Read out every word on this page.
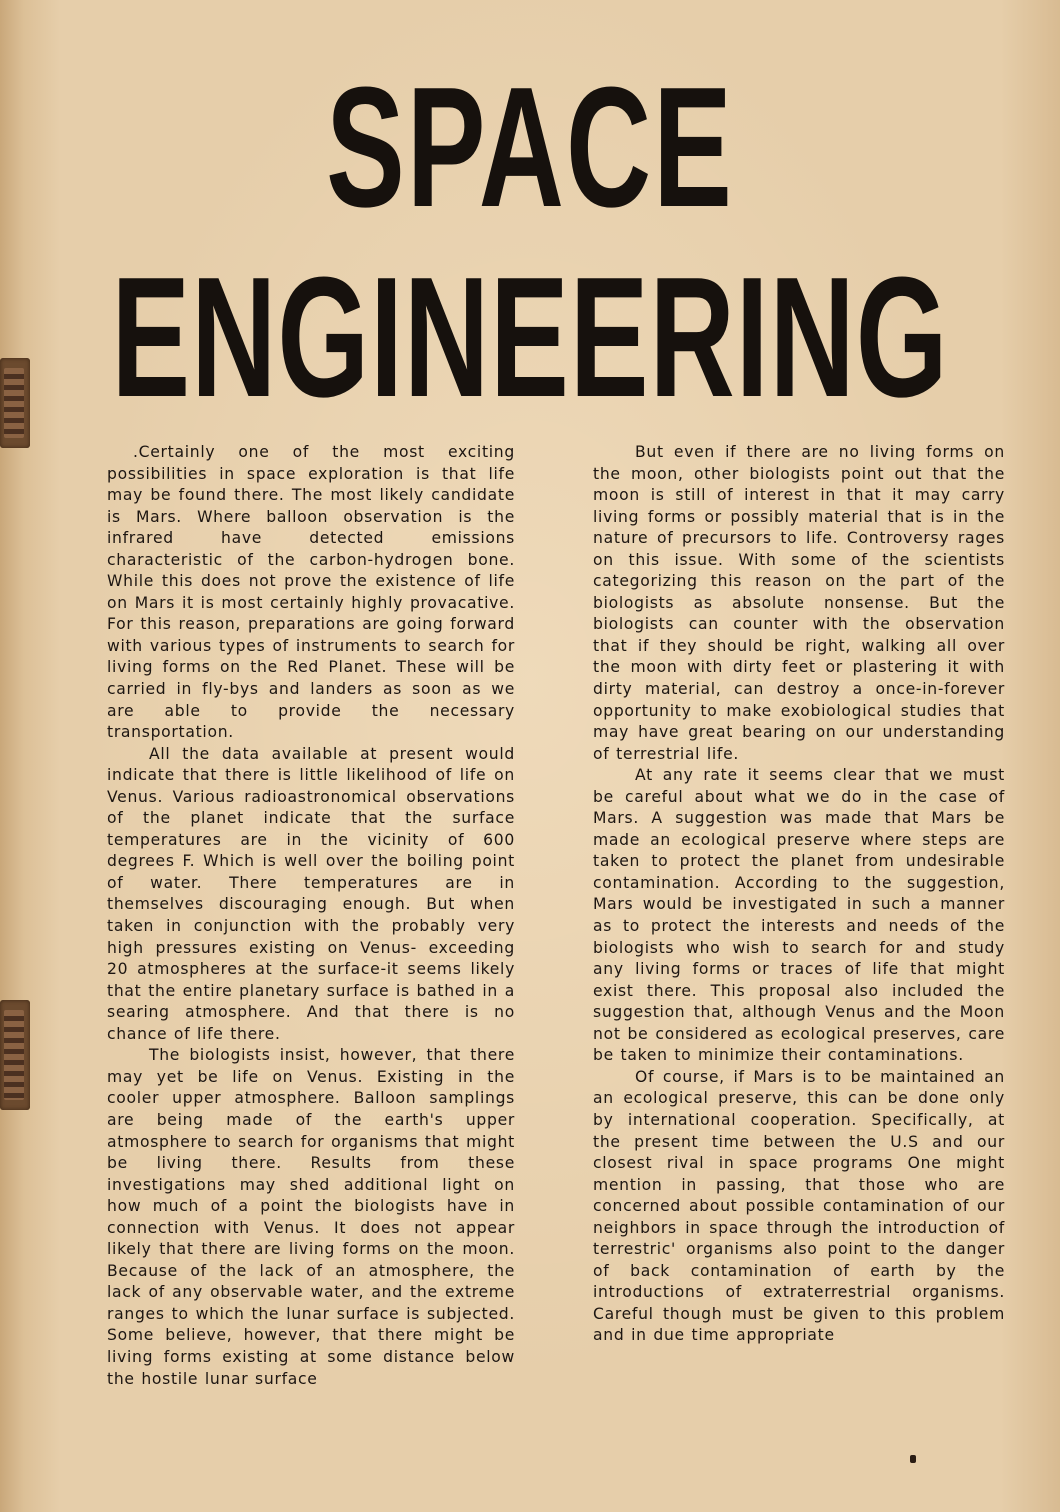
SPACE
ENGINEERING

.Certainly one of the most exciting possibilities in space exploration is that life may be found there. The most likely candidate is Mars. Where balloon observation is the infrared have detected emissions characteristic of the carbon-hydrogen bone. While this does not prove the existence of life on Mars it is most certainly highly provacative. For this reason, preparations are going forward with various types of instruments to search for living forms on the Red Planet. These will be carried in fly-bys and landers as soon as we are able to provide the necessary transportation.

All the data available at present would indicate that there is little likelihood of life on Venus. Various radioastronomical observations of the planet indicate that the surface temperatures are in the vicinity of 600 degrees F. Which is well over the boiling point of water. There temperatures are in themselves discouraging enough. But when taken in conjunction with the probably very high pressures existing on Venus- exceeding 20 atmospheres at the surface-it seems likely that the entire planetary surface is bathed in a searing atmosphere. And that there is no chance of life there.

The biologists insist, however, that there may yet be life on Venus. Existing in the cooler upper atmosphere. Balloon samplings are being made of the earth's upper atmosphere to search for organisms that might be living there. Results from these investigations may shed additional light on how much of a point the biologists have in connection with Venus. It does not appear likely that there are living forms on the moon. Because of the lack of an atmosphere, the lack of any observable water, and the extreme ranges to which the lunar surface is subjected. Some believe, however, that there might be living forms existing at some distance below the hostile lunar surface

But even if there are no living forms on the moon, other biologists point out that the moon is still of interest in that it may carry living forms or possibly material that is in the nature of precursors to life. Controversy rages on this issue. With some of the scientists categorizing this reason on the part of the biologists as absolute nonsense. But the biologists can counter with the observation that if they should be right, walking all over the moon with dirty feet or plastering it with dirty material, can destroy a once-in-forever opportunity to make exobiological studies that may have great bearing on our understanding of terrestrial life.

At any rate it seems clear that we must be careful about what we do in the case of Mars. A suggestion was made that Mars be made an ecological preserve where steps are taken to protect the planet from undesirable contamination. According to the suggestion, Mars would be investigated in such a manner as to protect the interests and needs of the biologists who wish to search for and study any living forms or traces of life that might exist there. This proposal also included the suggestion that, although Venus and the Moon not be considered as ecological preserves, care be taken to minimize their contaminations.

Of course, if Mars is to be maintained an an ecological preserve, this can be done only by international cooperation. Specifically, at the present time between the U.S and our closest rival in space programs One might mention in passing, that those who are concerned about possible contamination of our neighbors in space through the introduction of terrestric' organisms also point to the danger of back contamination of earth by the introductions of extraterrestrial organisms. Careful though must be given to this problem and in due time appropriate
